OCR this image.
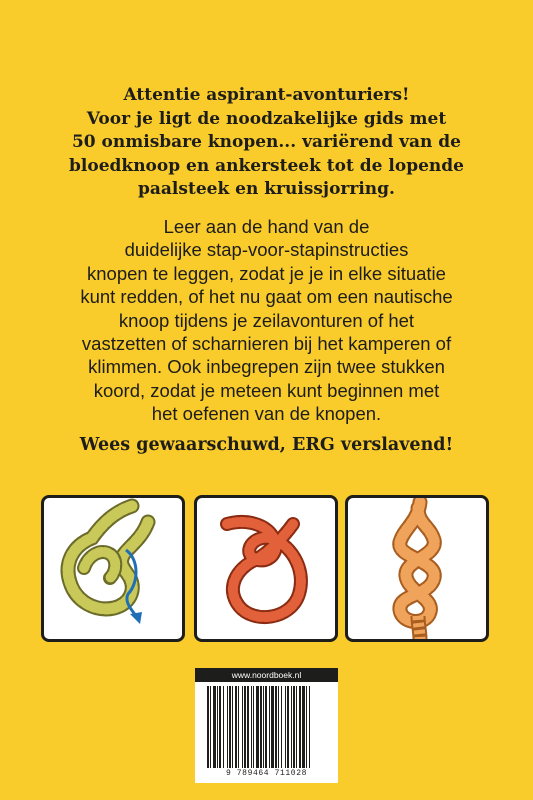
Attentie aspirant-avonturiers!
Voor je ligt de noodzakelijke gids met
50 onmisbare knopen... variërend van de
bloedknoop en ankersteek tot de lopende
paalsteek en kruissjorring.
Leer aan de hand van de
duidelijke stap-voor-stapinstructies
knopen te leggen, zodat je je in elke situatie
kunt redden, of het nu gaat om een nautische
knoop tijdens je zeilavonturen of het
vastzetten of scharnieren bij het kamperen of
klimmen. Ook inbegrepen zijn twee stukken
koord, zodat je meteen kunt beginnen met
het oefenen van de knopen.
Wees gewaarschuwd, ERG verslavend!
www.noordboek.nl
9 789464 711028
